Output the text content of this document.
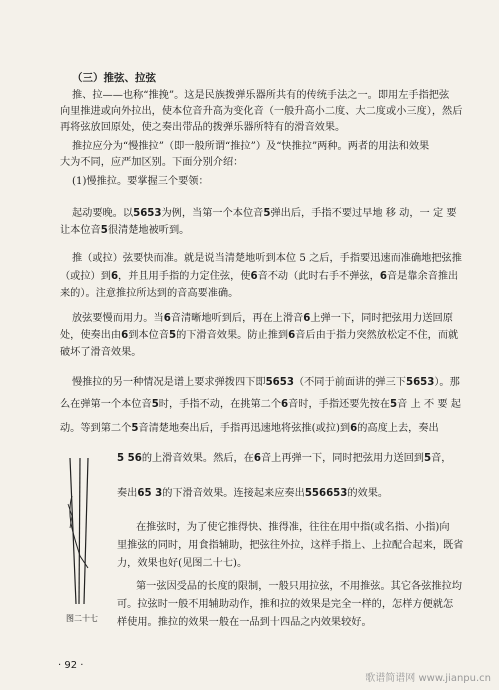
（三）推弦、拉弦
推、拉——也称“推挽”。这是民族拨弹乐器所共有的传统手法之一。即用左手指把弦
向里推进或向外拉出，使本位音升高为变化音（一般升高小二度、大二度或小三度），然后
再将弦放回原处，使之奏出带品的拨弹乐器所特有的滑音效果。
推拉应分为“慢推拉”（即一般所谓“推拉”）及“快推拉”两种。两者的用法和效果
大为不同，应严加区别。下面分别介绍：
(1)慢推拉。要掌握三个要领：
起动要晚。以5653为例，当第一个本位音5弹出后，手指不要过早地 移 动，一 定 要
让本位音5很清楚地被听到。
推（或拉）弦要快而准。就是说当清楚地听到本位 5 之后，手指要迅速而准确地把弦推
（或拉）到6，并且用手指的力定住弦，使6音不动（此时右手不弹弦，6音是靠余音推出
来的）。注意推拉所达到的音高要准确。
放弦要慢而用力。当6音清晰地听到后，再在上滑音6上弹一下，同时把弦用力送回原
处，使奏出由6到本位音5的下滑音效果。防止推到6音后由于指力突然放松定不住，而就
破坏了滑音效果。
慢推拉的另一种情况是谱上要求弹拨四下即5653（不同于前面讲的弹三下5653）。那
么在弹第一个本位音5时，手指不动，在挑第二个6音时，手指还要先按在5音 上 不 要 起
动。等到第二个5音清楚地奏出后，手指再迅速地将弦推(或拉)到6的高度上去，奏出
5 56的上滑音效果。然后，在6音上再弹一下，同时把弦用力送回到5音，
奏出65 3的下滑音效果。连接起来应奏出556653的效果。
在推弦时，为了使它推得快、推得准，往往在用中指(或名指、小指)向
里推弦的同时，用食指辅助，把弦往外拉，这样手指上、上拉配合起来，既省
力，效果也好(见图二十七)。
第一弦因受品的长度的限制，一般只用拉弦，不用推弦。其它各弦推拉均
可。拉弦时一般不用辅助动作，推和拉的效果是完全一样的，怎样方便就怎
样使用。推拉的效果一般在一品到十四品之内效果较好。
图二十七
· 92 ·
歌谱简谱网 www.jianpu.cn
